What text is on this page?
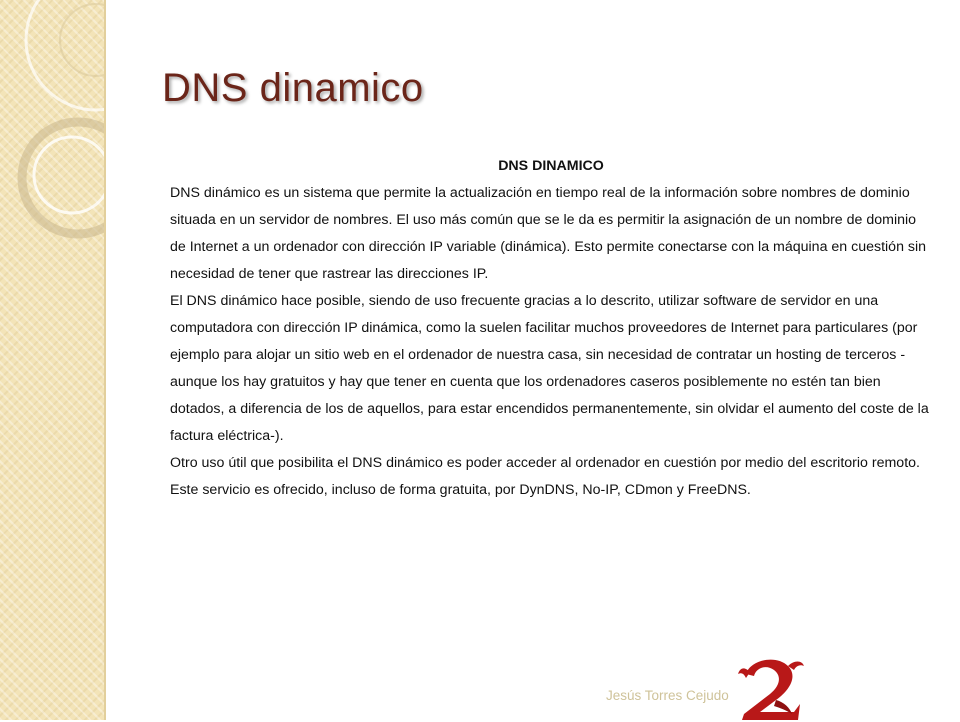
DNS dinamico

DNS DINAMICO

DNS dinámico es un sistema que permite la actualización en tiempo real de la información sobre nombres de dominio situada en un servidor de nombres. El uso más común que se le da es permitir la asignación de un nombre de dominio de Internet a un ordenador con dirección IP variable (dinámica). Esto permite conectarse con la máquina en cuestión sin necesidad de tener que rastrear las direcciones IP.

El DNS dinámico hace posible, siendo de uso frecuente gracias a lo descrito, utilizar software de servidor en una computadora con dirección IP dinámica, como la suelen facilitar muchos proveedores de Internet para particulares (por ejemplo para alojar un sitio web en el ordenador de nuestra casa, sin necesidad de contratar un hosting de terceros -aunque los hay gratuitos y hay que tener en cuenta que los ordenadores caseros posiblemente no estén tan bien dotados, a diferencia de los de aquellos, para estar encendidos permanentemente, sin olvidar el aumento del coste de la factura eléctrica-).

Otro uso útil que posibilita el DNS dinámico es poder acceder al ordenador en cuestión por medio del escritorio remoto.

Este servicio es ofrecido, incluso de forma gratuita, por DynDNS, No-IP, CDmon y FreeDNS.

Jesús Torres Cejudo
